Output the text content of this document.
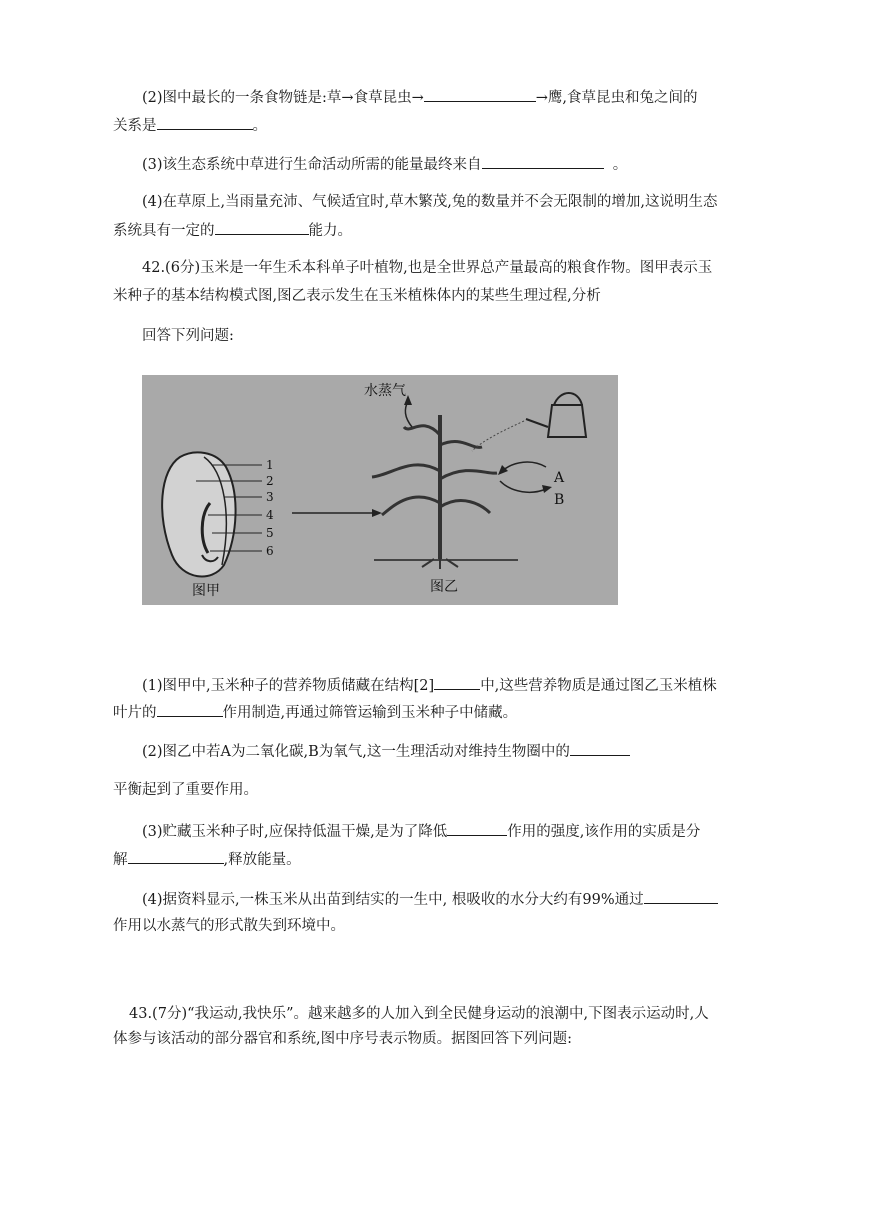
(2)图中最长的一条食物链是:草→食草昆虫→	→鹰,食草昆虫和兔之间的
关系是	。
(3)该生态系统中草进行生命活动所需的能量最终来自	。
(4)在草原上,当雨量充沛、气候适宜时,草木繁茂,兔的数量并不会无限制的增加,这说明生态
系统具有一定的	能力。
42.(6分)玉米是一年生禾本科单子叶植物,也是全世界总产量最高的粮食作物。图甲表示玉
米种子的基本结构模式图,图乙表示发生在玉米植株体内的某些生理过程,分析
回答下列问题:
水蒸气
A
B
1
2
3
4
5
6
图甲	图乙
(1)图甲中,玉米种子的营养物质储藏在结构[2]	中,这些营养物质是通过图乙玉米植株
叶片的	作用制造,再通过筛管运输到玉米种子中储藏。
(2)图乙中若A为二氧化碳,B为氧气,这一生理活动对维持生物圈中的
平衡起到了重要作用。
(3)贮藏玉米种子时,应保持低温干燥,是为了降低	作用的强度,该作用的实质是分
解	,释放能量。
(4)据资料显示,一株玉米从出苗到结实的一生中, 根吸收的水分大约有99%通过
作用以水蒸气的形式散失到环境中。
43.(7分)“我运动,我快乐”。越来越多的人加入到全民健身运动的浪潮中,下图表示运动时,人
体参与该活动的部分器官和系统,图中序号表示物质。据图回答下列问题:
